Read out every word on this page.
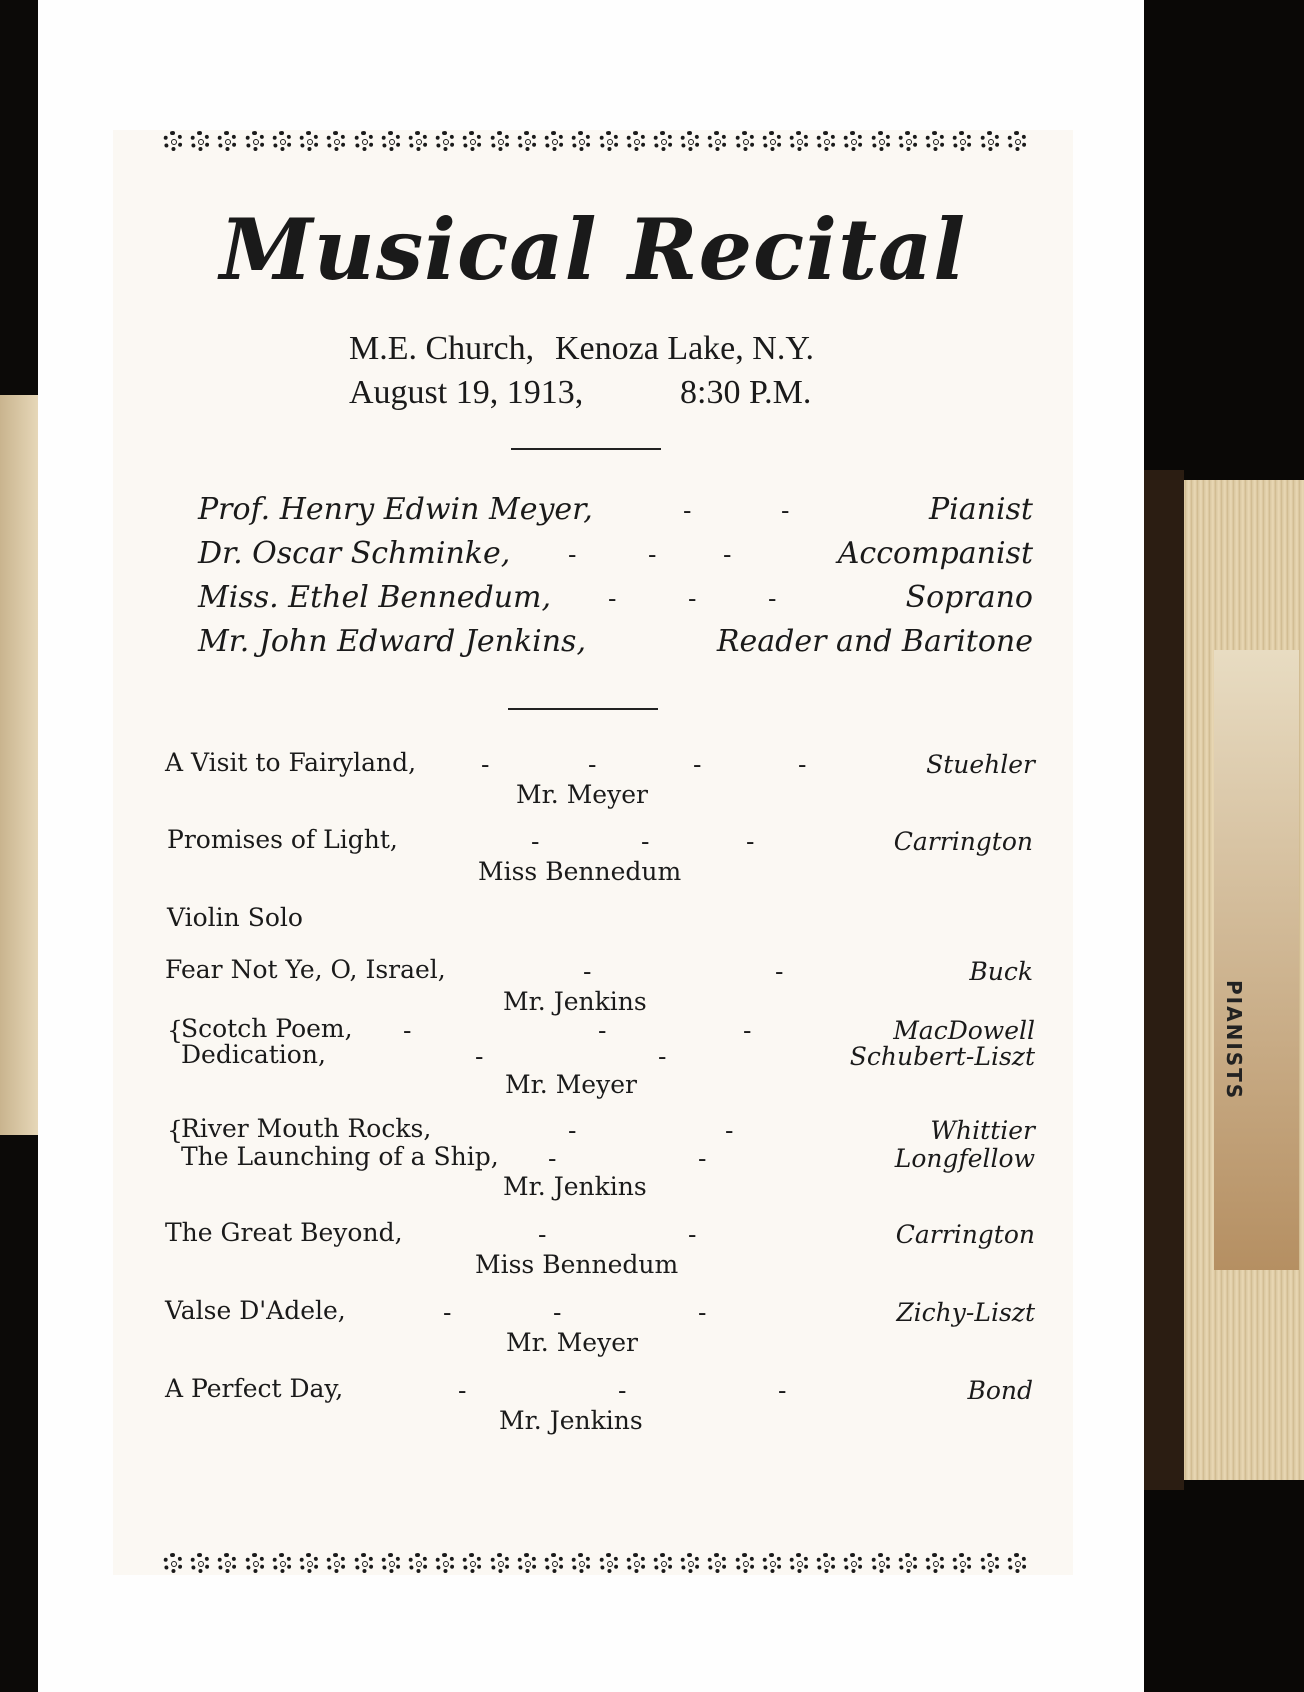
PIANISTS
Musical Recital
M.E. Church, Kenoza Lake, N.Y.
August 19, 1913,	8:30 P.M.
Prof. Henry Edwin Meyer,	-	-	Pianist
Dr. Oscar Schminke, -	-	-	Accompanist
Miss. Ethel Bennedum, -	-	-	Soprano
Mr. John Edward Jenkins,	Reader and Baritone
A Visit to Fairyland,	-	-	-	-	Stuehler
Mr. Meyer
Promises of Light,	-	-	-	Carrington
Miss Bennedum
Violin Solo
Fear Not Ye, O, Israel,	-	-	Buck
Mr. Jenkins
{
Scotch Poem, -	-	-	MacDowell
Dedication,	-	-	Schubert-Liszt
Mr. Meyer
{
River Mouth Rocks,	-	-	Whittier
The Launching of a Ship, -	-	Longfellow
Mr. Jenkins
The Great Beyond,	-	-	Carrington
Miss Bennedum
Valse D'Adele,	-	-	-	Zichy-Liszt
Mr. Meyer
A Perfect Day,	-	-	-	Bond
Mr. Jenkins
